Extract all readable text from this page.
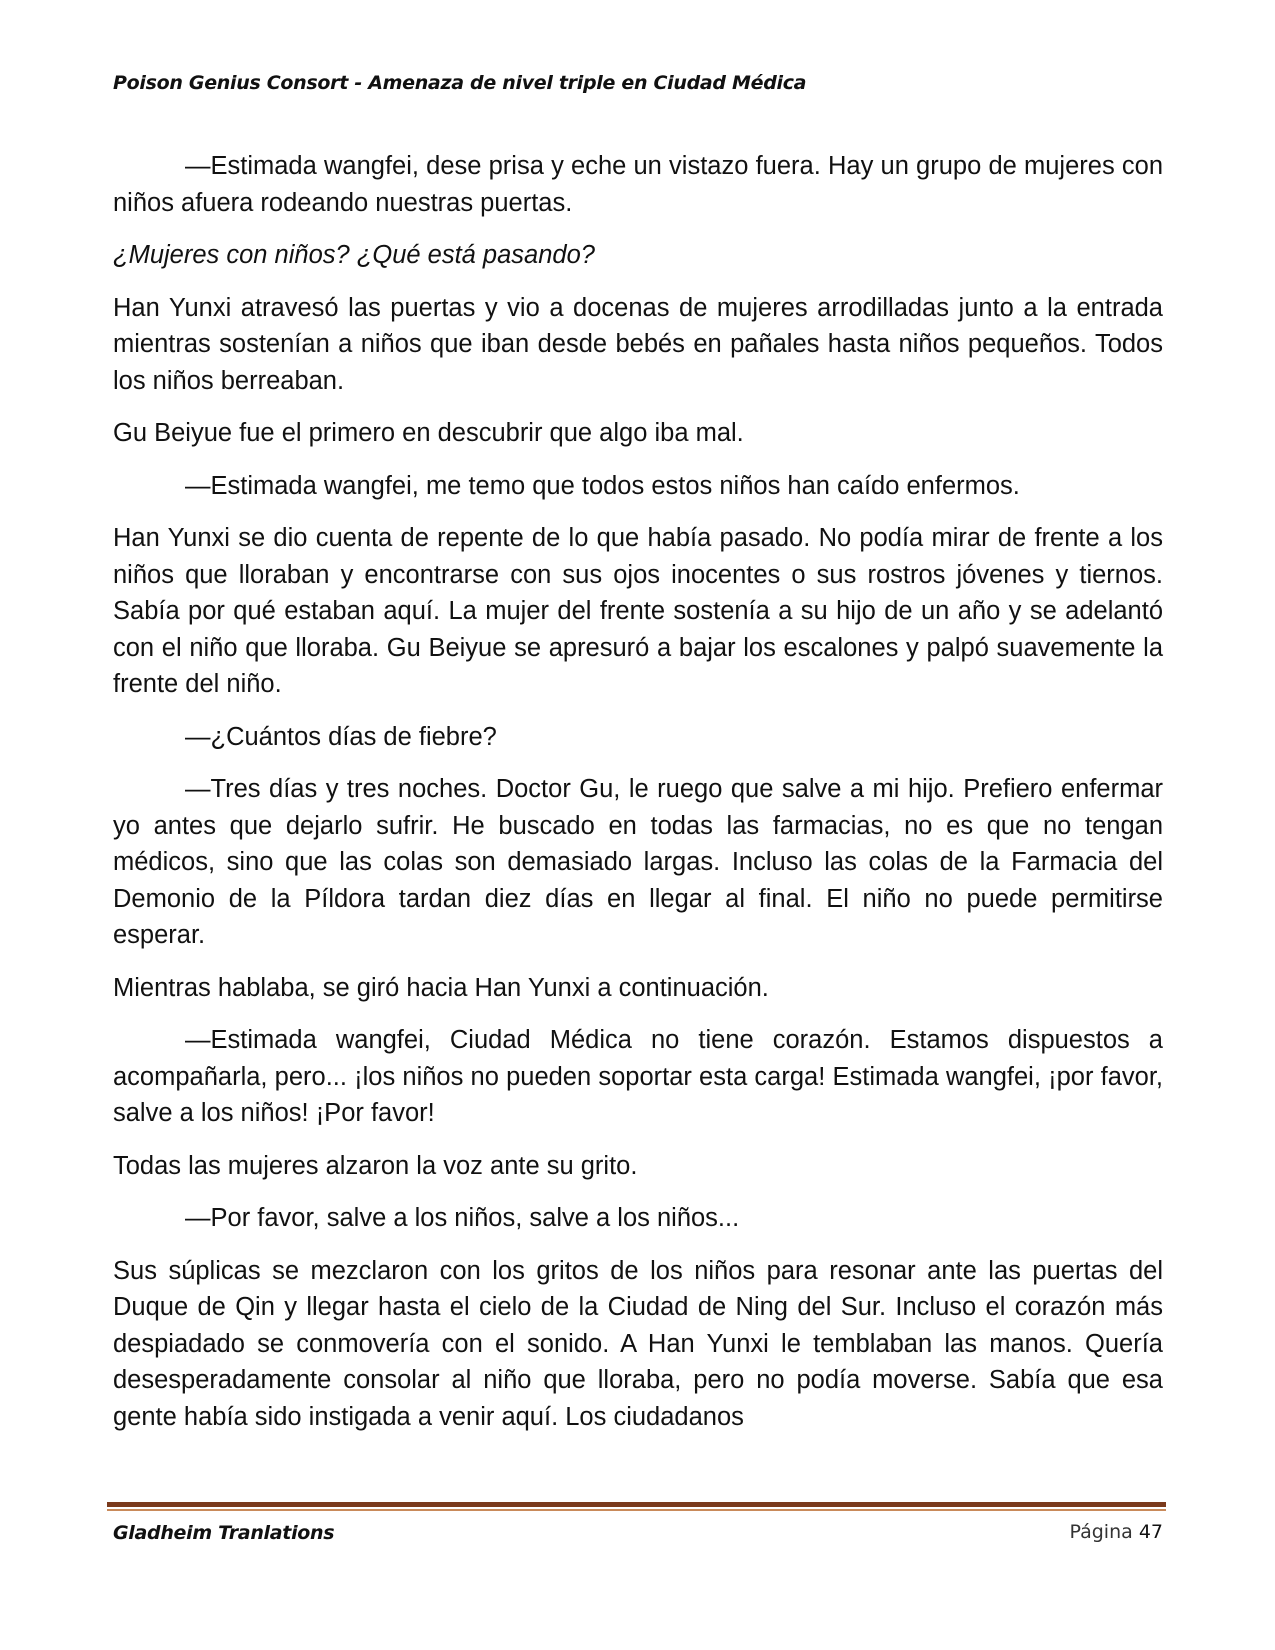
Poison Genius Consort - Amenaza de nivel triple en Ciudad Médica

—Estimada wangfei, dese prisa y eche un vistazo fuera. Hay un grupo de mujeres con niños afuera rodeando nuestras puertas.

¿Mujeres con niños? ¿Qué está pasando?

Han Yunxi atravesó las puertas y vio a docenas de mujeres arrodilladas junto a la entrada mientras sostenían a niños que iban desde bebés en pañales hasta niños pequeños. Todos los niños berreaban.

Gu Beiyue fue el primero en descubrir que algo iba mal.

—Estimada wangfei, me temo que todos estos niños han caído enfermos.

Han Yunxi se dio cuenta de repente de lo que había pasado. No podía mirar de frente a los niños que lloraban y encontrarse con sus ojos inocentes o sus rostros jóvenes y tiernos. Sabía por qué estaban aquí. La mujer del frente sostenía a su hijo de un año y se adelantó con el niño que lloraba. Gu Beiyue se apresuró a bajar los escalones y palpó suavemente la frente del niño.

—¿Cuántos días de fiebre?

—Tres días y tres noches. Doctor Gu, le ruego que salve a mi hijo. Prefiero enfermar yo antes que dejarlo sufrir. He buscado en todas las farmacias, no es que no tengan médicos, sino que las colas son demasiado largas. Incluso las colas de la Farmacia del Demonio de la Píldora tardan diez días en llegar al final. El niño no puede permitirse esperar.

Mientras hablaba, se giró hacia Han Yunxi a continuación.

—Estimada wangfei, Ciudad Médica no tiene corazón. Estamos dispuestos a acompañarla, pero... ¡los niños no pueden soportar esta carga! Estimada wangfei, ¡por favor, salve a los niños! ¡Por favor!

Todas las mujeres alzaron la voz ante su grito.

—Por favor, salve a los niños, salve a los niños...

Sus súplicas se mezclaron con los gritos de los niños para resonar ante las puertas del Duque de Qin y llegar hasta el cielo de la Ciudad de Ning del Sur. Incluso el corazón más despiadado se conmovería con el sonido. A Han Yunxi le temblaban las manos. Quería desesperadamente consolar al niño que lloraba, pero no podía moverse. Sabía que esa gente había sido instigada a venir aquí. Los ciudadanos

Gladheim Tranlations	Página 47
